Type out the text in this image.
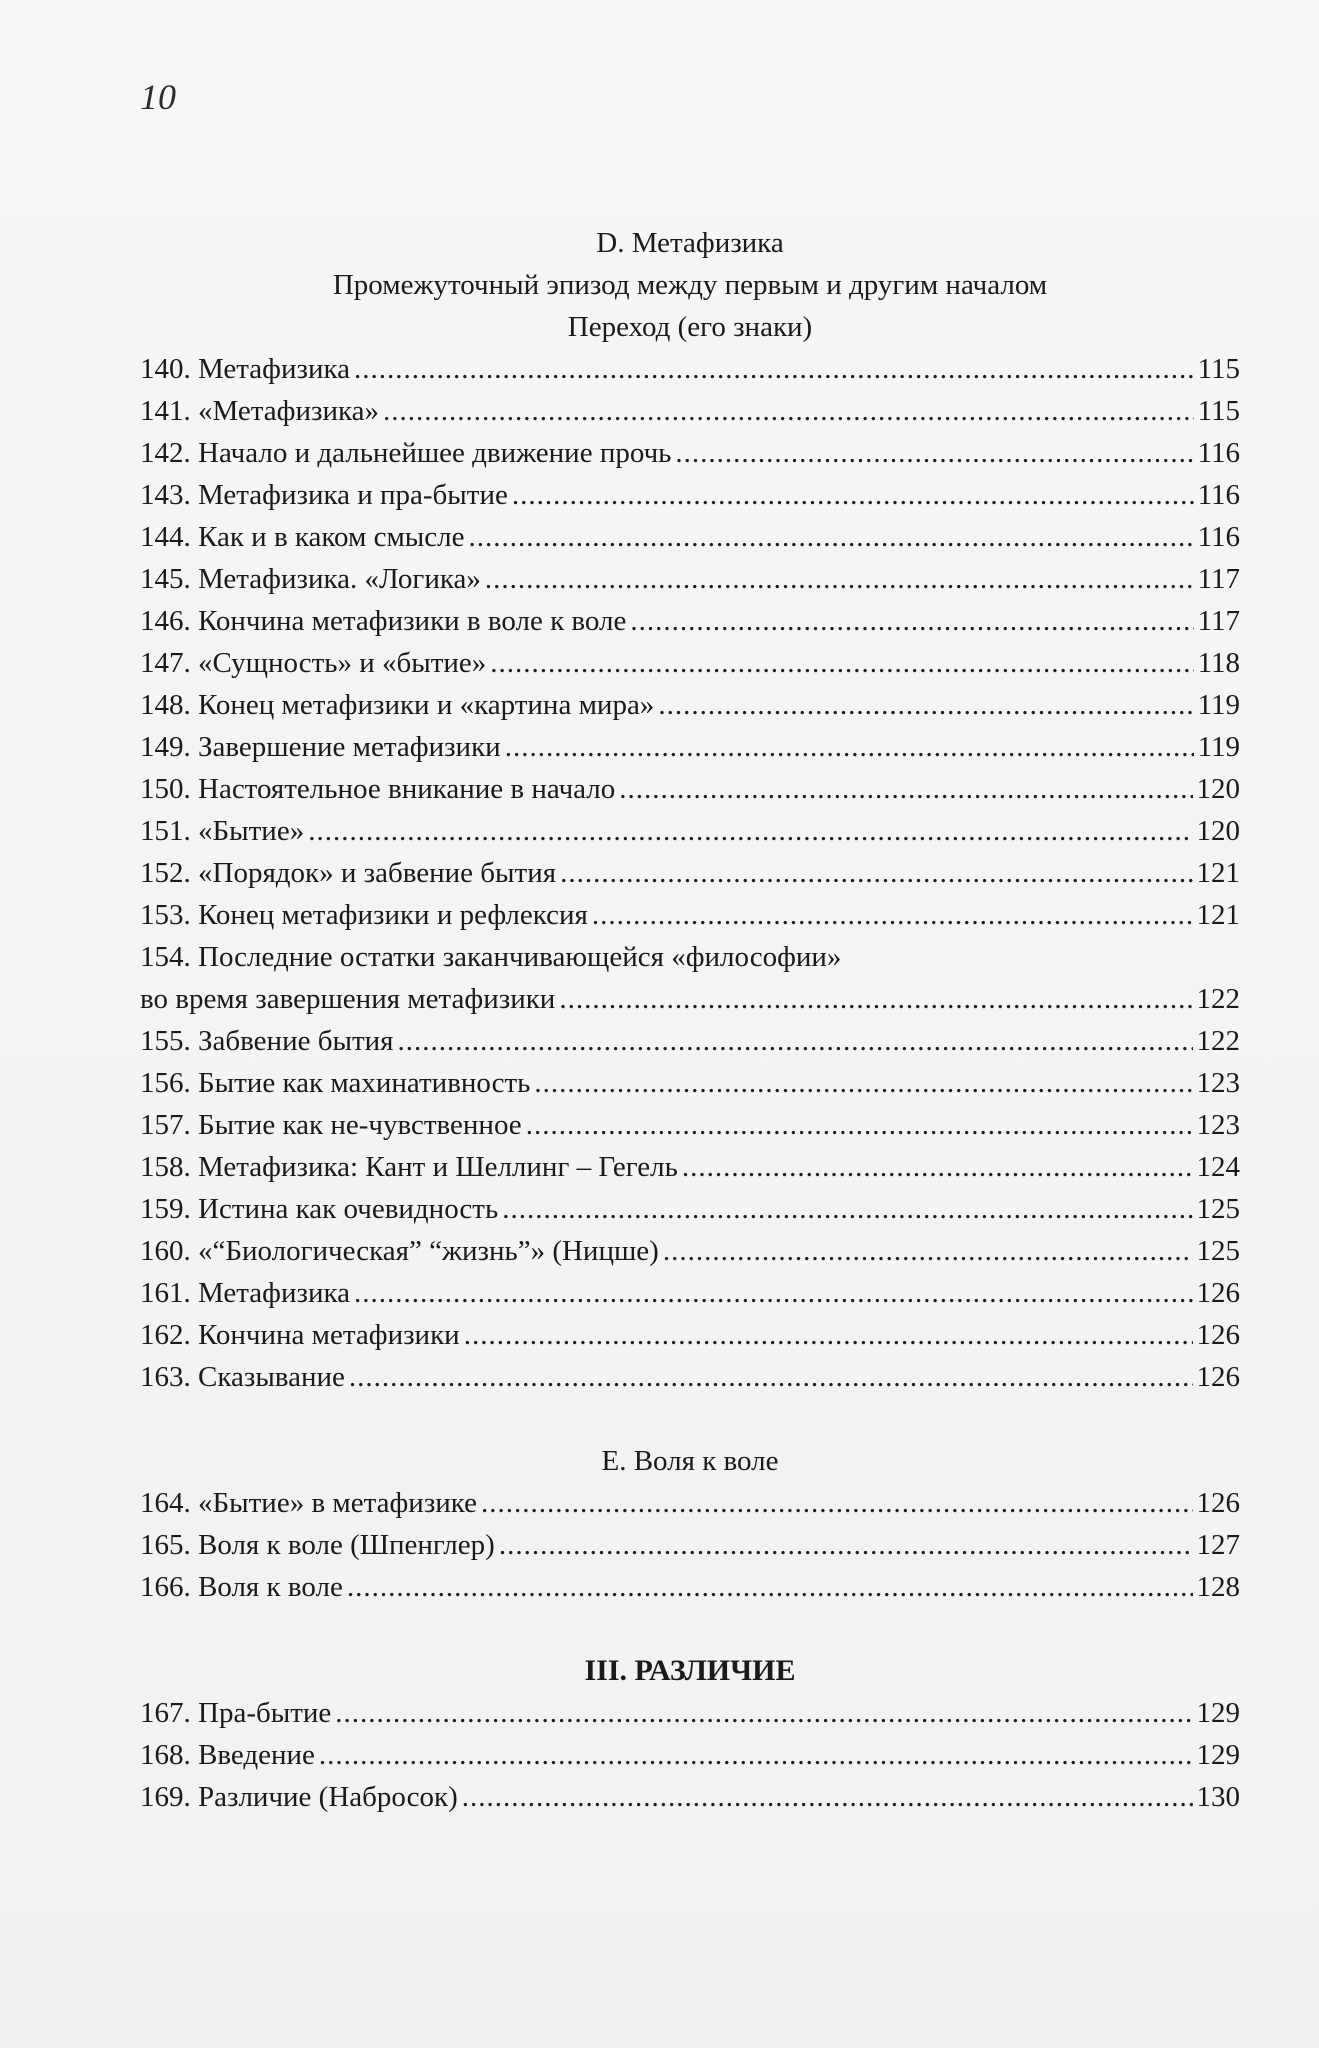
10
D. Метафизика
Промежуточный эпизод между первым и другим началом
Переход (его знаки)
140. Метафизика .....	115
141. «Метафизика» .....	115
142. Начало и дальнейшее движение прочь .....	116
143. Метафизика и пра-бытие .....	116
144. Как и в каком смысле .....	116
145. Метафизика. «Логика» .....	117
146. Кончина метафизики в воле к воле .....	117
147. «Сущность» и «бытие» .....	118
148. Конец метафизики и «картина мира» .....	119
149. Завершение метафизики .....	119
150. Настоятельное вникание в начало .....	120
151. «Бытие» .....	120
152. «Порядок» и забвение бытия .....	121
153. Конец метафизики и рефлексия .....	121
154. Последние остатки заканчивающейся «философии»
во время завершения метафизики .....	122
155. Забвение бытия .....	122
156. Бытие как махинативность .....	123
157. Бытие как не-чувственное .....	123
158. Метафизика: Кант и Шеллинг – Гегель .....	124
159. Истина как очевидность .....	125
160. «“Биологическая” “жизнь”» (Ницше) .....	125
161. Метафизика .....	126
162. Кончина метафизики .....	126
163. Сказывание .....	126
E. Воля к воле
164. «Бытие» в метафизике .....	126
165. Воля к воле (Шпенглер) .....	127
166. Воля к воле .....	128
III. РАЗЛИЧИЕ
167. Пра-бытие .....	129
168. Введение .....	129
169. Различие (Набросок) .....	130
